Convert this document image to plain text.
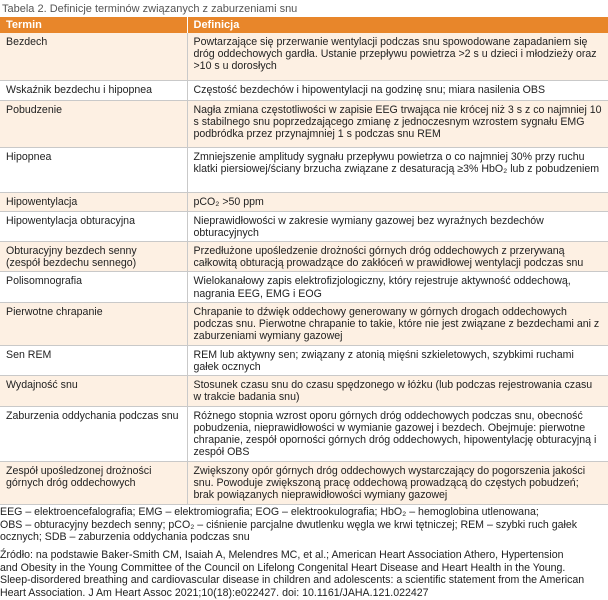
Tabela 2. Definicje terminów związanych z zaburzeniami snu
Termin	Definicja
Bezdech	Powtarzające się przerwanie wentylacji podczas snu spowodowane zapadaniem się dróg oddechowych gardła. Ustanie przepływu powietrza >2 s u dzieci i młodzieży oraz >10 s u dorosłych
Wskaźnik bezdechu i hipopnea	Częstość bezdechów i hipowentylacji na godzinę snu; miara nasilenia OBS
Pobudzenie	Nagła zmiana częstotliwości w zapisie EEG trwająca nie krócej niż 3 s z co najmniej 10 s stabilnego snu poprzedzającego zmianę z jednoczesnym wzrostem sygnału EMG podbródka przez przynajmniej 1 s podczas snu REM
Hipopnea	Zmniejszenie amplitudy sygnału przepływu powietrza o co najmniej 30% przy ruchu klatki piersiowej/ściany brzucha związane z desaturacją ≥3% HbO₂ lub z pobudzeniem
Hipowentylacja	pCO₂ >50 ppm
Hipowentylacja obturacyjna	Nieprawidłowości w zakresie wymiany gazowej bez wyraźnych bezdechów obturacyjnych
Obturacyjny bezdech senny
(zespół bezdechu sennego)	Przedłużone upośledzenie drożności górnych dróg oddechowych z przerywaną całkowitą obturacją prowadzące do zakłóceń w prawidłowej wentylacji podczas snu
Polisomnografia	Wielokanałowy zapis elektrofizjologiczny, który rejestruje aktywność oddechową, nagrania EEG, EMG i EOG
Pierwotne chrapanie	Chrapanie to dźwięk oddechowy generowany w górnych drogach oddechowych podczas snu. Pierwotne chrapanie to takie, które nie jest związane z bezdechami ani z zaburzeniami wymiany gazowej
Sen REM	REM lub aktywny sen; związany z atonią mięśni szkieletowych, szybkimi ruchami gałek ocznych
Wydajność snu	Stosunek czasu snu do czasu spędzonego w łóżku (lub podczas rejestrowania czasu w trakcie badania snu)
Zaburzenia oddychania podczas snu	Różnego stopnia wzrost oporu górnych dróg oddechowych podczas snu, obecność pobudzenia, nieprawidłowości w wymianie gazowej i bezdech. Obejmuje: pierwotne chrapanie, zespół oporności górnych dróg oddechowych, hipowentylację obturacyjną i zespół OBS
Zespół upośledzonej drożności górnych dróg oddechowych	Zwiększony opór górnych dróg oddechowych wystarczający do pogorszenia jakości snu. Powoduje zwiększoną pracę oddechową prowadzącą do częstych pobudzeń; brak powiązanych nieprawidłowości wymiany gazowej
EEG – elektroencefalografia; EMG – elektromiografia; EOG – elektrookulografia; HbO₂ – hemoglobina utlenowana;
OBS – obturacyjny bezdech senny; pCO₂ – ciśnienie parcjalne dwutlenku węgla we krwi tętniczej; REM – szybki ruch gałek
ocznych; SDB – zaburzenia oddychania podczas snu
Źródło: na podstawie Baker-Smith CM, Isaiah A, Melendres MC, et al.; American Heart Association Athero, Hypertension
and Obesity in the Young Committee of the Council on Lifelong Congenital Heart Disease and Heart Health in the Young.
Sleep-disordered breathing and cardiovascular disease in children and adolescents: a scientific statement from the American
Heart Association. J Am Heart Assoc 2021;10(18):e022427. doi: 10.1161/JAHA.121.022427
